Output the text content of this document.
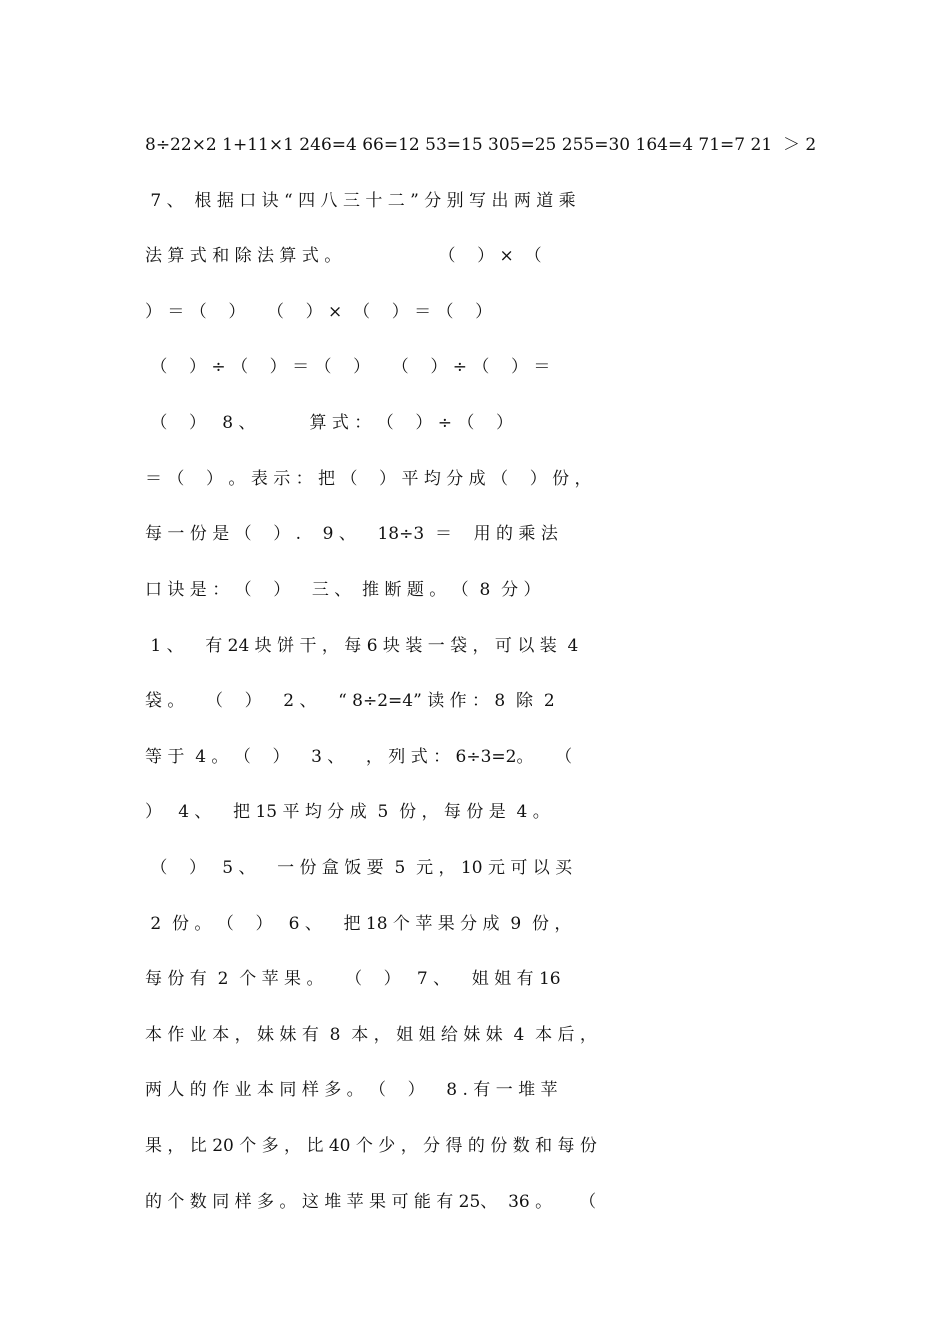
8÷22×2 1+11×1 246=4 66=12 53=15 305=25 255=30 164=4 71=7 21  ＞ 2
7 、  根 据 口 诀 “ 四 八 三 十 二 ” 分 别 写 出 两 道 乘
法 算 式 和 除 法 算 式 。                  （    ） ×  （
） ＝ （    ）    （    ） ×  （    ） ＝ （    ）
（    ） ÷ （    ） ＝ （    ）    （    ） ÷ （    ） ＝
（    ）   8 、          算 式 ： （    ） ÷ （    ）
＝ （    ） 。 表 示 ： 把 （    ） 平 均 分 成 （    ） 份 ，
每 一 份 是 （    ） .    9 、    18÷3  ＝    用 的 乘 法
口 诀 是 ： （    ）    三 、  推 断 题 。 （  8  分 ）
1 、    有 24 块 饼 干 ， 每 6 块 装 一 袋 ， 可 以 装  4
袋 。    （    ）    2 、    “ 8÷2=4” 读 作 ： 8  除  2
等 于  4 。 （    ）    3 、    ， 列 式 ： 6÷3=2。    （
）   4 、    把 15 平 均 分 成  5  份 ， 每 份 是  4 。
（    ）   5 、    一 份 盒 饭 要  5  元 ， 10 元 可 以 买
2  份 。 （    ）   6 、    把 18 个 苹 果 分 成  9  份 ，
每 份 有  2  个 苹 果 。    （    ）   7 、    姐 姐 有 16
本 作 业 本 ， 妹 妹 有  8  本 ， 姐 姐 给 妹 妹  4  本 后 ，
两 人 的 作 业 本 同 样 多 。 （    ）    8 . 有 一 堆 苹
果 ， 比 20 个 多 ， 比 40 个 少 ， 分 得 的 份 数 和 每 份
的 个 数 同 样 多 。 这 堆 苹 果 可 能 有 25、  36 。     （
